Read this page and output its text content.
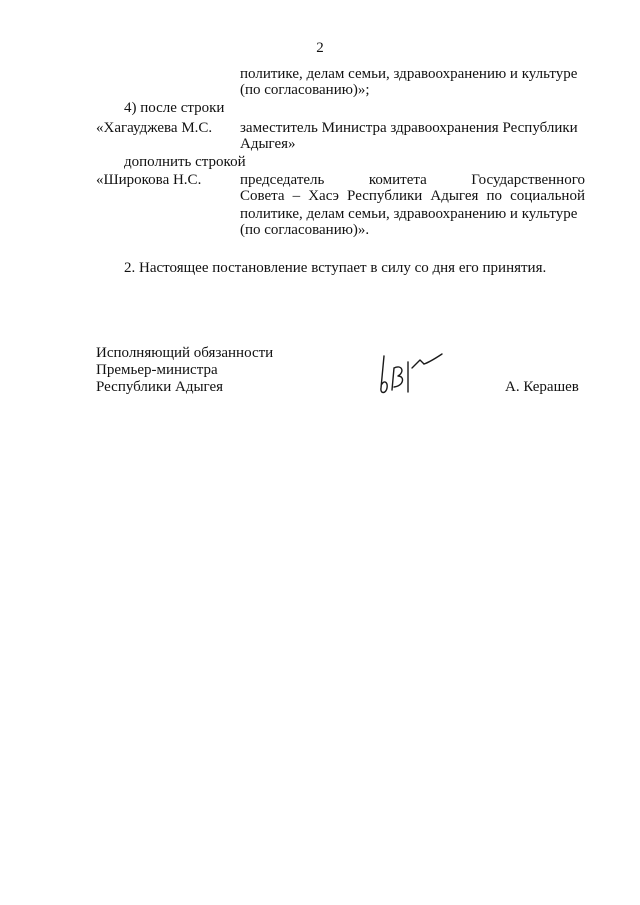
2
политике, делам семьи, здравоохранению и культуре
(по согласованию)»;
4) после строки
«Хагауджева М.С. заместитель Министра здравоохранения Республики
Адыгея»
дополнить строкой
«Широкова Н.С.	председатель комитета Государственного
Совета – Хасэ Республики Адыгея по социальной
политике, делам семьи, здравоохранению и культуре
(по согласованию)».
2. Настоящее постановление вступает в силу со дня его принятия.
Исполняющий обязанности
Премьер-министра
Республики Адыгея	А. Керашев
